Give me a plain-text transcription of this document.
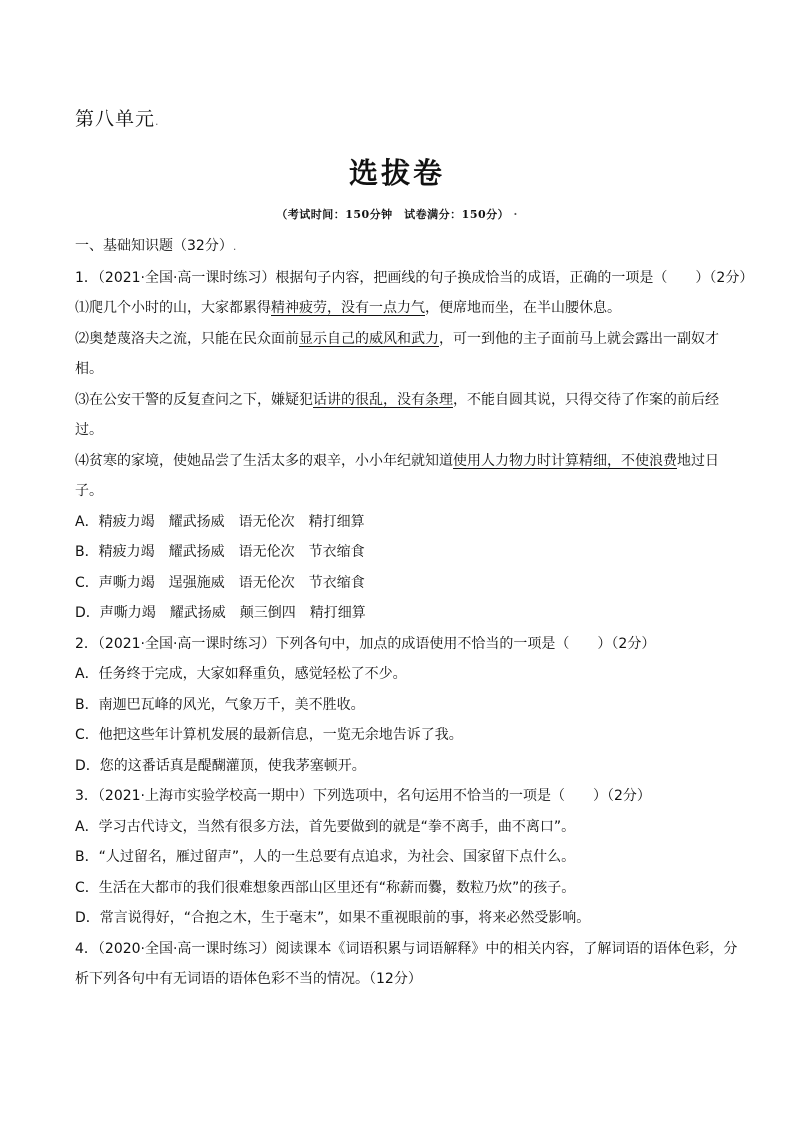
第八单元.
选拔卷
（考试时间：150分钟　试卷满分：150分） ·
一、基础知识题（32分）.
1．（2021·全国·高一课时练习）根据句子内容，把画线的句子换成恰当的成语，正确的一项是（　　）（2分）
⑴爬几个小时的山，大家都累得精神疲劳，没有一点力气，便席地而坐，在半山腰休息。
⑵奥楚蔑洛夫之流，只能在民众面前显示自己的威风和武力，可一到他的主子面前马上就会露出一副奴才
相。
⑶在公安干警的反复查问之下，嫌疑犯话讲的很乱，没有条理，不能自圆其说，只得交待了作案的前后经
过。
⑷贫寒的家境，使她品尝了生活太多的艰辛，小小年纪就知道使用人力物力时计算精细，不使浪费地过日
子。
A．精疲力竭 耀武扬威 语无伦次 精打细算
B．精疲力竭 耀武扬威 语无伦次 节衣缩食
C．声嘶力竭 逞强施威 语无伦次 节衣缩食
D．声嘶力竭 耀武扬威 颠三倒四 精打细算
2．（2021·全国·高一课时练习）下列各句中，加点的成语使用不恰当的一项是（　　）（2分）
A．任务终于完成，大家如释重负，感觉轻松了不少。
B．南迦巴瓦峰的风光，气象万千，美不胜收。
C．他把这些年计算机发展的最新信息，一览无余地告诉了我。
D．您的这番话真是醍醐灌顶，使我茅塞顿开。
3．（2021·上海市实验学校高一期中）下列选项中，名句运用不恰当的一项是（　　）（2分）
A．学习古代诗文，当然有很多方法，首先要做到的就是“拳不离手，曲不离口”。
B．“人过留名，雁过留声”，人的一生总要有点追求，为社会、国家留下点什么。
C．生活在大都市的我们很难想象西部山区里还有“称薪而爨，数粒乃炊”的孩子。
D．常言说得好，“合抱之木，生于毫末”，如果不重视眼前的事，将来必然受影响。
4．（2020·全国·高一课时练习）阅读课本《词语积累与词语解释》中的相关内容，了解词语的语体色彩，分
析下列各句中有无词语的语体色彩不当的情况。（12分）
